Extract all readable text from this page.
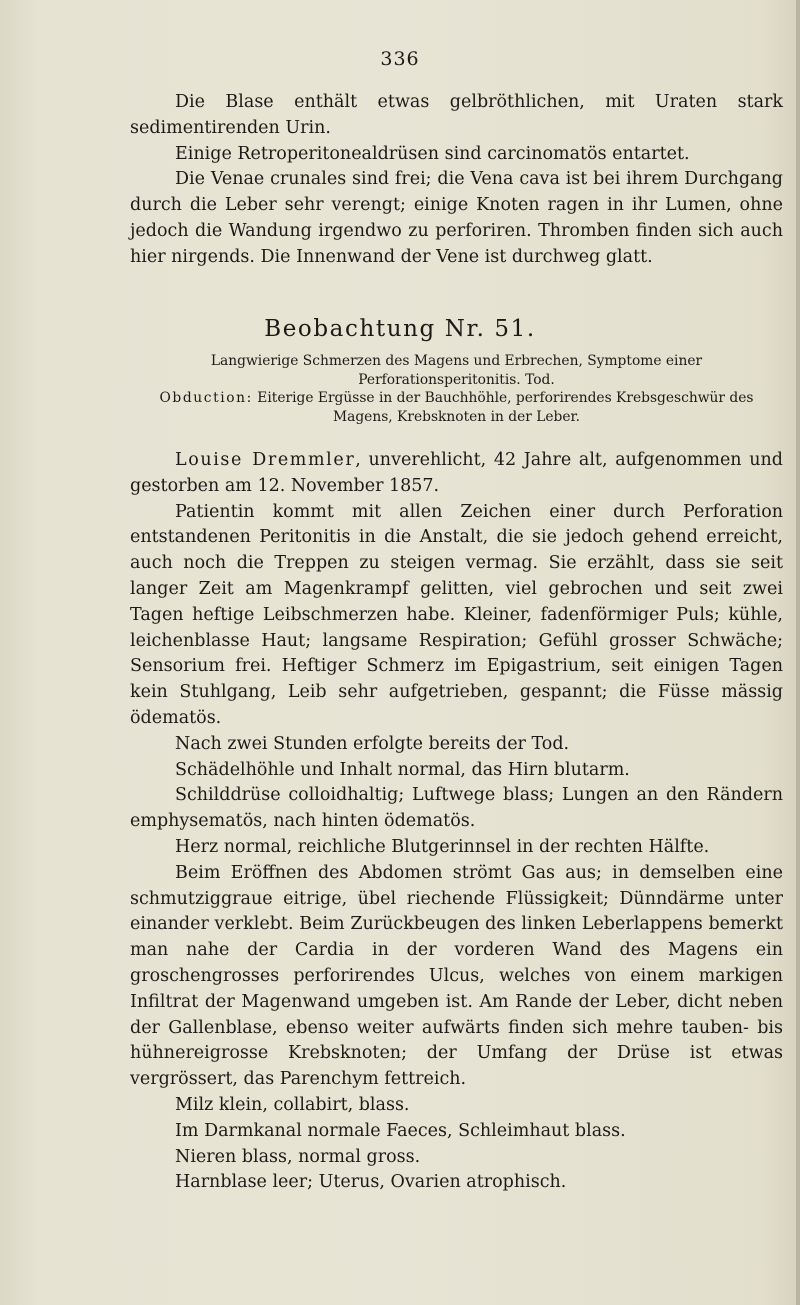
336

Die Blase enthält etwas gelbröthlichen, mit Uraten stark sedimentirenden Urin.

Einige Retroperitonealdrüsen sind carcinomatös entartet.

Die Venae crunales sind frei; die Vena cava ist bei ihrem Durchgang durch die Leber sehr verengt; einige Knoten ragen in ihr Lumen, ohne jedoch die Wandung irgendwo zu perforiren. Thromben finden sich auch hier nirgends. Die Innenwand der Vene ist durchweg glatt.

Beobachtung Nr. 51.
Langwierige Schmerzen des Magens und Erbrechen, Symptome einer Perforationsperitonitis. Tod.
Obduction: Eiterige Ergüsse in der Bauchhöhle, perforirendes Krebsgeschwür des Magens, Krebsknoten in der Leber.

Louise Dremmler, unverehlicht, 42 Jahre alt, aufgenommen und gestorben am 12. November 1857.

Patientin kommt mit allen Zeichen einer durch Perforation entstandenen Peritonitis in die Anstalt, die sie jedoch gehend erreicht, auch noch die Treppen zu steigen vermag. Sie erzählt, dass sie seit langer Zeit am Magenkrampf gelitten, viel gebrochen und seit zwei Tagen heftige Leibschmerzen habe. Kleiner, fadenförmiger Puls; kühle, leichenblasse Haut; langsame Respiration; Gefühl grosser Schwäche; Sensorium frei. Heftiger Schmerz im Epigastrium, seit einigen Tagen kein Stuhlgang, Leib sehr aufgetrieben, gespannt; die Füsse mässig ödematös.

Nach zwei Stunden erfolgte bereits der Tod.

Schädelhöhle und Inhalt normal, das Hirn blutarm.

Schilddrüse colloidhaltig; Luftwege blass; Lungen an den Rändern emphysematös, nach hinten ödematös.

Herz normal, reichliche Blutgerinnsel in der rechten Hälfte.

Beim Eröffnen des Abdomen strömt Gas aus; in demselben eine schmutziggraue eitrige, übel riechende Flüssigkeit; Dünndärme unter einander verklebt. Beim Zurückbeugen des linken Leberlappens bemerkt man nahe der Cardia in der vorderen Wand des Magens ein groschengrosses perforirendes Ulcus, welches von einem markigen Infiltrat der Magenwand umgeben ist. Am Rande der Leber, dicht neben der Gallenblase, ebenso weiter aufwärts finden sich mehre tauben- bis hühnereigrosse Krebsknoten; der Umfang der Drüse ist etwas vergrössert, das Parenchym fettreich.

Milz klein, collabirt, blass.

Im Darmkanal normale Faeces, Schleimhaut blass.

Nieren blass, normal gross.

Harnblase leer; Uterus, Ovarien atrophisch.
